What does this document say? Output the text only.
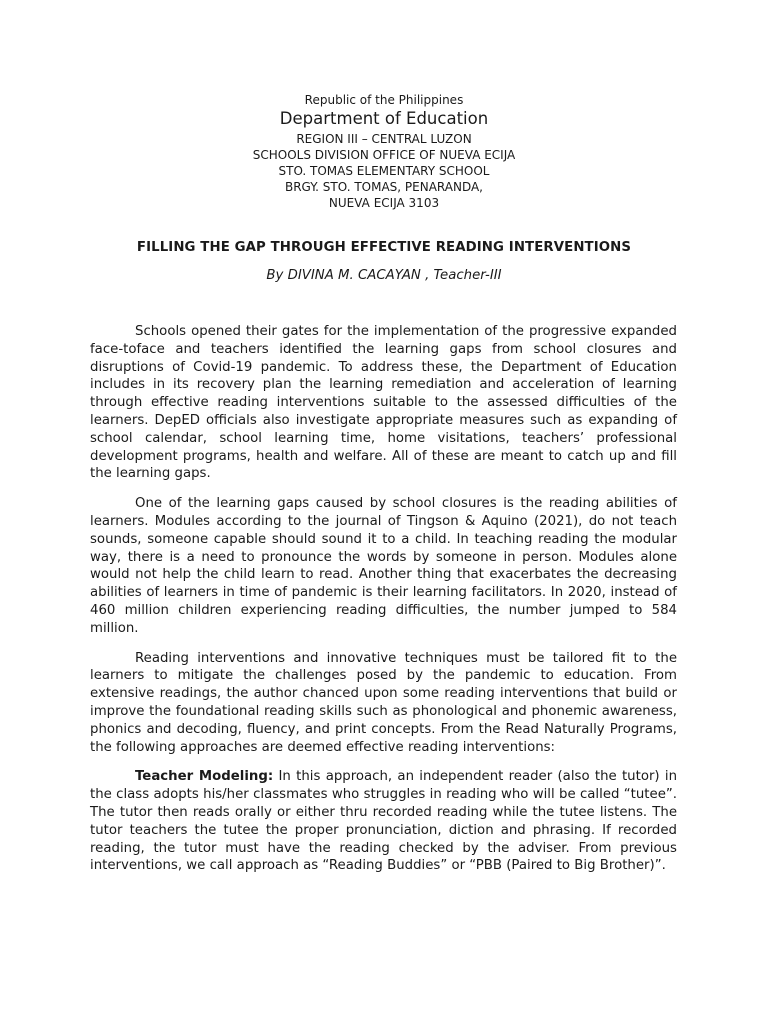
Republic of the Philippines
Department of Education
REGION III – CENTRAL LUZON
SCHOOLS DIVISION OFFICE OF NUEVA ECIJA
STO. TOMAS ELEMENTARY SCHOOL
BRGY. STO. TOMAS, PENARANDA,
NUEVA ECIJA 3103
FILLING THE GAP THROUGH EFFECTIVE READING INTERVENTIONS
By DIVINA M. CACAYAN , Teacher-III

Schools opened their gates for the implementation of the progressive expanded face-toface and teachers identified the learning gaps from school closures and disruptions of Covid-19 pandemic. To address these, the Department of Education includes in its recovery plan the learning remediation and acceleration of learning through effective reading interventions suitable to the assessed difficulties of the learners. DepED officials also investigate appropriate measures such as expanding of school calendar, school learning time, home visitations, teachers’ professional development programs, health and welfare. All of these are meant to catch up and fill the learning gaps.

One of the learning gaps caused by school closures is the reading abilities of learners. Modules according to the journal of Tingson & Aquino (2021), do not teach sounds, someone capable should sound it to a child. In teaching reading the modular way, there is a need to pronounce the words by someone in person. Modules alone would not help the child learn to read. Another thing that exacerbates the decreasing abilities of learners in time of pandemic is their learning facilitators. In 2020, instead of 460 million children experiencing reading difficulties, the number jumped to 584 million.

Reading interventions and innovative techniques must be tailored fit to the learners to mitigate the challenges posed by the pandemic to education. From extensive readings, the author chanced upon some reading interventions that build or improve the foundational reading skills such as phonological and phonemic awareness, phonics and decoding, fluency, and print concepts. From the Read Naturally Programs, the following approaches are deemed effective reading interventions:

Teacher Modeling: In this approach, an independent reader (also the tutor) in the class adopts his/her classmates who struggles in reading who will be called “tutee”. The tutor then reads orally or either thru recorded reading while the tutee listens. The tutor teachers the tutee the proper pronunciation, diction and phrasing. If recorded reading, the tutor must have the reading checked by the adviser. From previous interventions, we call approach as “Reading Buddies” or “PBB (Paired to Big Brother)”.
